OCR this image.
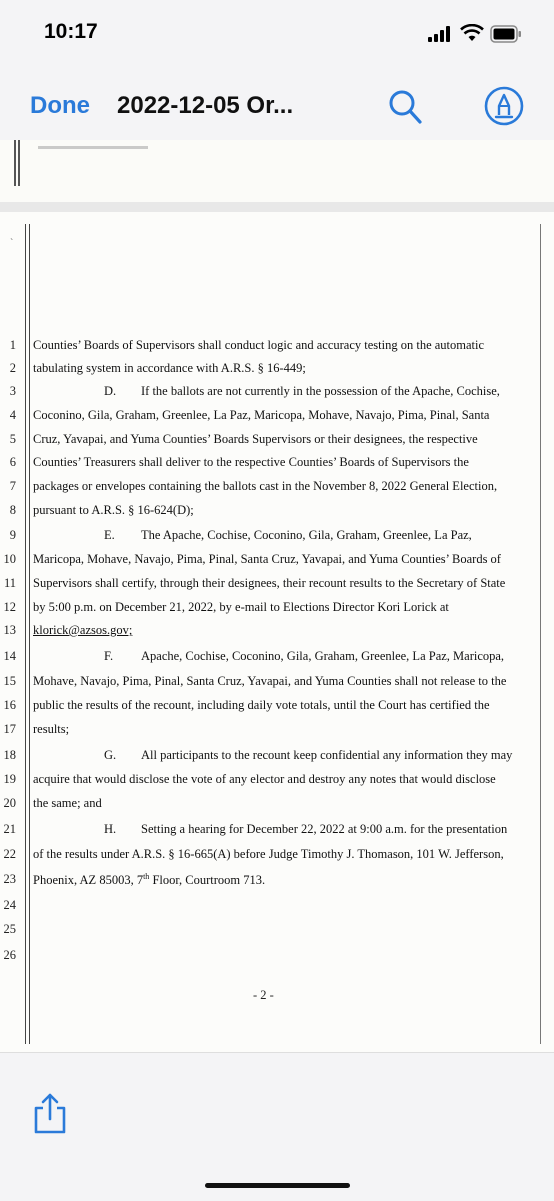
10:17
Done 2022-12-05 Or...
`
1
2
3
4
5
6
7
8
9
10
11
12
13
14
15
16
17
18
19
20
21
22
23
24
25
26
Counties’ Boards of Supervisors shall conduct logic and accuracy testing on the automatic
tabulating system in accordance with A.R.S. § 16-449;
D. If the ballots are not currently in the possession of the Apache, Cochise,
Coconino, Gila, Graham, Greenlee, La Paz, Maricopa, Mohave, Navajo, Pima, Pinal, Santa
Cruz, Yavapai, and Yuma Counties’ Boards Supervisors or their designees, the respective
Counties’ Treasurers shall deliver to the respective Counties’ Boards of Supervisors the
packages or envelopes containing the ballots cast in the November 8, 2022 General Election,
pursuant to A.R.S. § 16-624(D);
E. The Apache, Cochise, Coconino, Gila, Graham, Greenlee, La Paz,
Maricopa, Mohave, Navajo, Pima, Pinal, Santa Cruz, Yavapai, and Yuma Counties’ Boards of
Supervisors shall certify, through their designees, their recount results to the Secretary of State
by 5:00 p.m. on December 21, 2022, by e-mail to Elections Director Kori Lorick at
klorick@azsos.gov;
F. Apache, Cochise, Coconino, Gila, Graham, Greenlee, La Paz, Maricopa,
Mohave, Navajo, Pima, Pinal, Santa Cruz, Yavapai, and Yuma Counties shall not release to the
public the results of the recount, including daily vote totals, until the Court has certified the
results;
G. All participants to the recount keep confidential any information they may
acquire that would disclose the vote of any elector and destroy any notes that would disclose
the same; and
H. Setting a hearing for December 22, 2022 at 9:00 a.m. for the presentation
of the results under A.R.S. § 16-665(A) before Judge Timothy J. Thomason, 101 W. Jefferson,
Phoenix, AZ 85003, 7th Floor, Courtroom 713.
- 2 -
